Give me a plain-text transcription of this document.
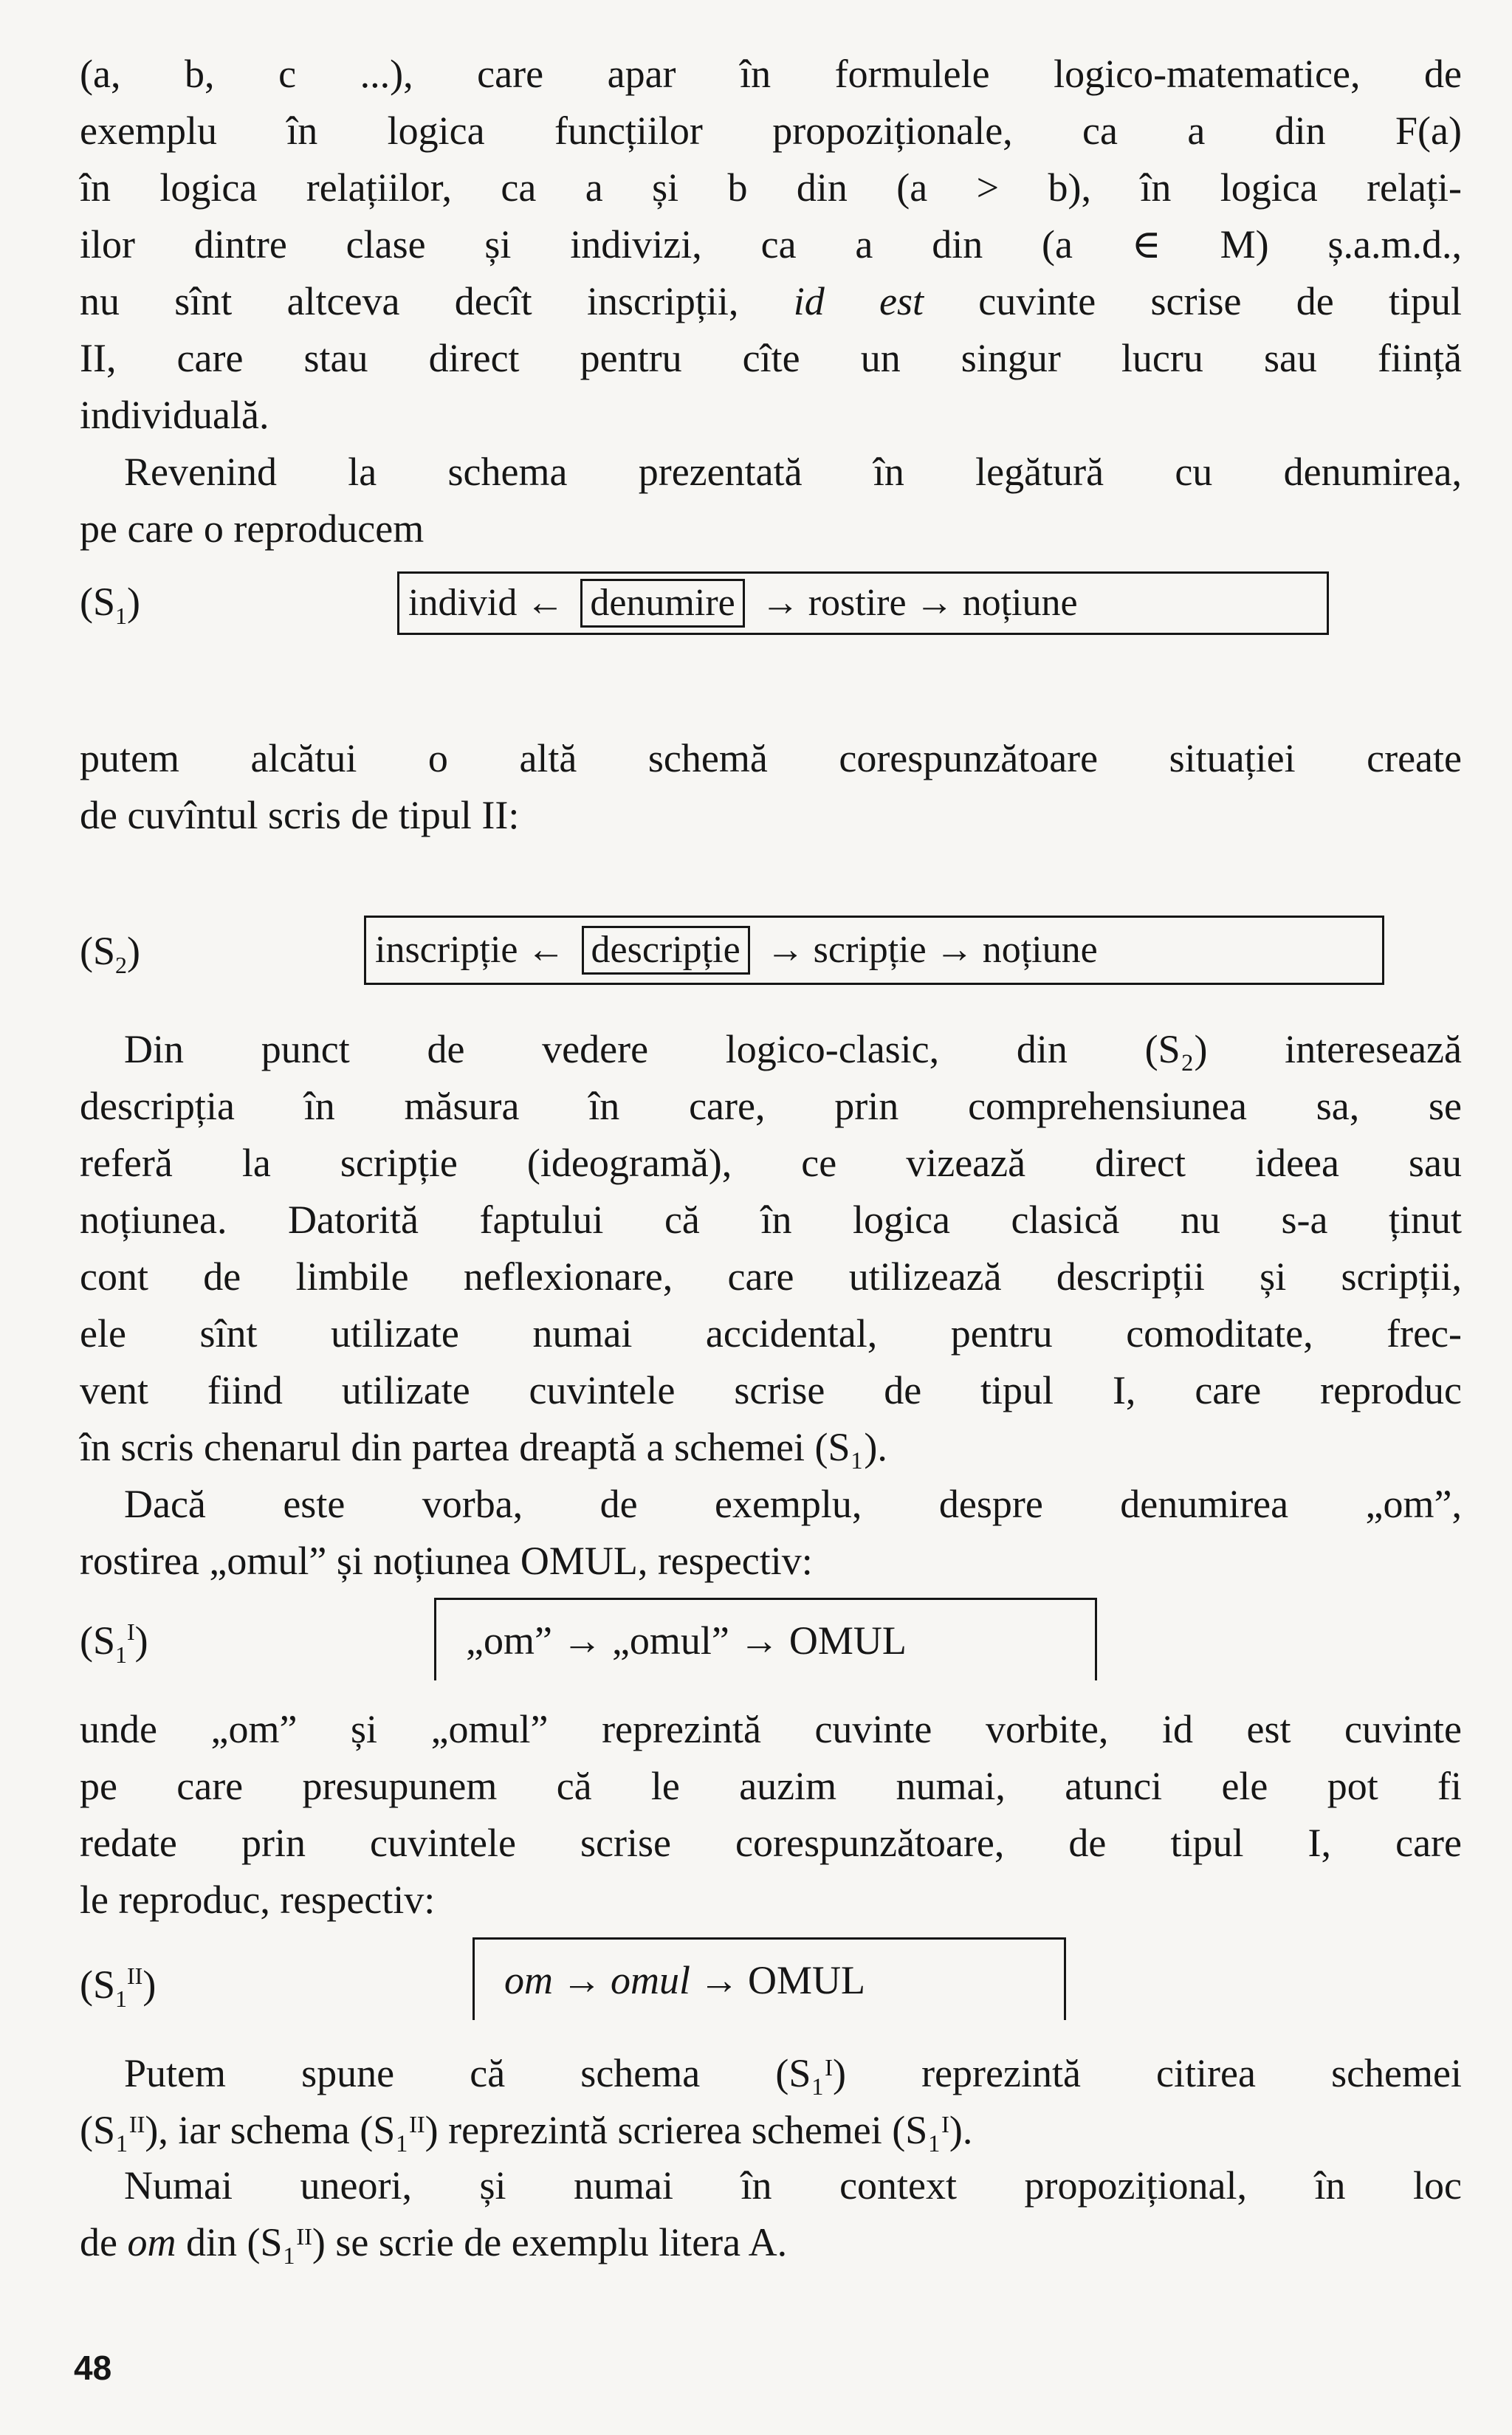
(a, b, c ...), care apar în formulele logico-matematice, de
exemplu în logica funcțiilor propoziționale, ca a din F(a)
în logica relațiilor, ca a și b din (a > b), în logica relați-
ilor dintre clase și indivizi, ca a din (a ∈ M) ș.a.m.d.,
nu sînt altceva decît inscripții, id est cuvinte scrise de tipul
II, care stau direct pentru cîte un singur lucru sau ființă
individuală.
Revenind la schema prezentată în legătură cu denumirea,
pe care o reproducem
$(S_1)$	individ ← denumire → rostire → noțiune
putem alcătui o altă schemă corespunzătoare situației create
de cuvîntul scris de tipul II:
$(S_2)$	inscripție ← descripție → scripție → noțiune
Din punct de vedere logico-clasic, din (S₂) interesează
descripția în măsura în care, prin comprehensiunea sa, se
referă la scripție (ideogramă), ce vizează direct ideea sau
noțiunea. Datorită faptului că în logica clasică nu s-a ținut
cont de limbile neflexionare, care utilizează descripții și scripții,
ele sînt utilizate numai accidental, pentru comoditate, frec-
vent fiind utilizate cuvintele scrise de tipul I, care reproduc
în scris chenarul din partea dreaptă a schemei (S₁).
Dacă este vorba, de exemplu, despre denumirea „om”,
rostirea „omul” și noțiunea OMUL, respectiv:
$(S_1^I)$	„om” → „omul” → OMUL
unde „om” și „omul” reprezintă cuvinte vorbite, id est cuvinte
pe care presupunem că le auzim numai, atunci ele pot fi
redate prin cuvintele scrise corespunzătoare, de tipul I, care
le reproduc, respectiv:
$(S_1^{II})$	om → omul → OMUL
Putem spune că schema (S₁ᴵ) reprezintă citirea schemei
(S₁ᴵᴵ), iar schema (S₁ᴵᴵ) reprezintă scrierea schemei (S₁ᴵ).
Numai uneori, și numai în context propozițional, în loc
de om din (S₁ᴵᴵ) se scrie de exemplu litera A.
48
